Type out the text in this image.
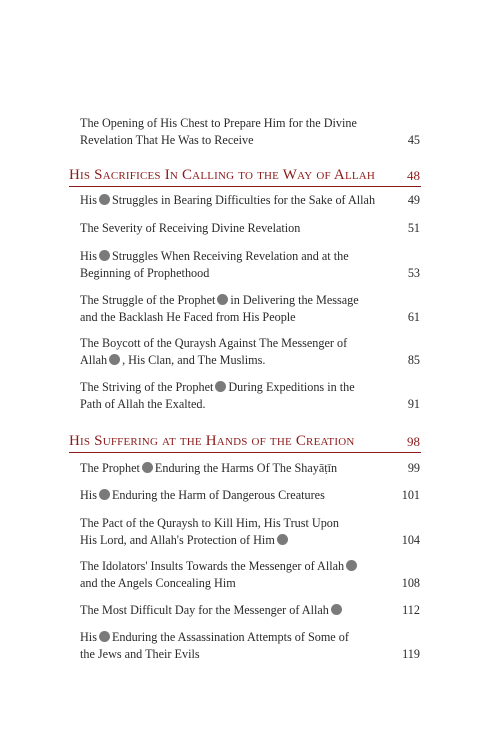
The Opening of His Chest to Prepare Him for the Divine
Revelation That He Was to Receive	45
His Sacrifices In Calling to the Way of Allah 48
His Struggles in Bearing Difficulties for the Sake of Allah	49
The Severity of Receiving Divine Revelation	51
His Struggles When Receiving Revelation and at the
Beginning of Prophethood	53
The Struggle of the Prophet in Delivering the Message
and the Backlash He Faced from His People	61
The Boycott of the Quraysh Against The Messenger of
Allah , His Clan, and The Muslims.	85
The Striving of the Prophet During Expeditions in the
Path of Allah the Exalted.	91
His Suffering at the Hands of the Creation	98
The Prophet Enduring the Harms Of The Shayāṭīn	99
His Enduring the Harm of Dangerous Creatures	101
The Pact of the Quraysh to Kill Him, His Trust Upon
His Lord, and Allah's Protection of Him	104
The Idolators' Insults Towards the Messenger of Allah
and the Angels Concealing Him	108
The Most Difficult Day for the Messenger of Allah	112
His Enduring the Assassination Attempts of Some of
the Jews and Their Evils	119
